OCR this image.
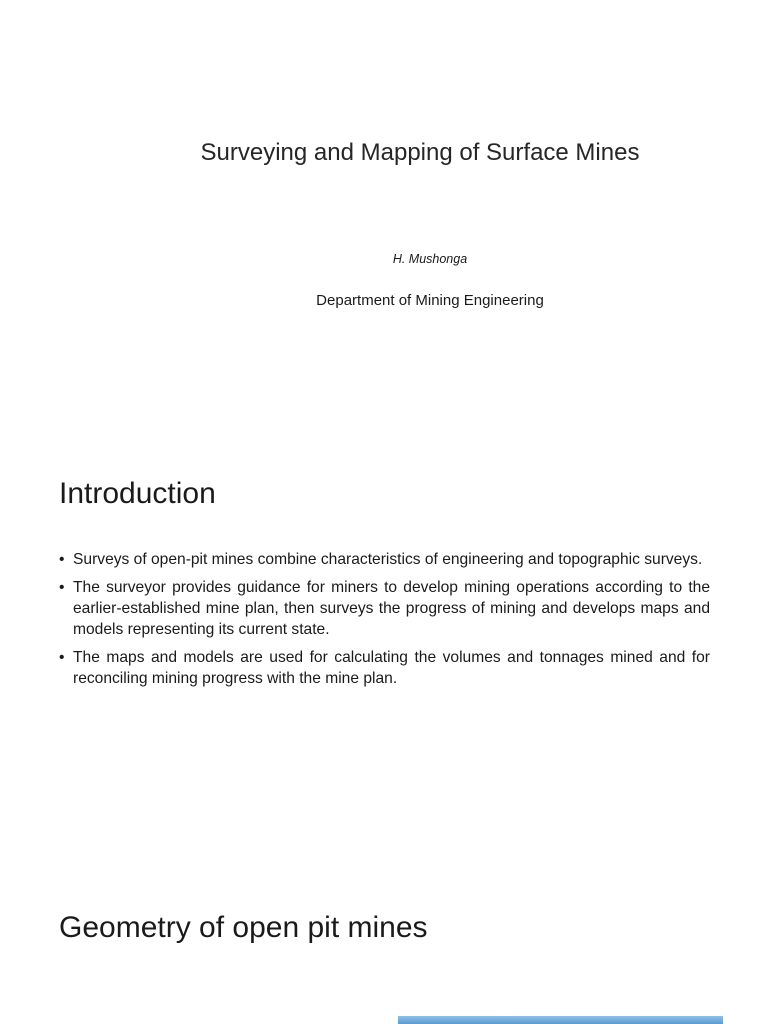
Surveying and Mapping of Surface Mines
H. Mushonga
Department of Mining Engineering
Introduction
• Surveys of open-pit mines combine characteristics of engineering and topographic surveys.
• The surveyor provides guidance for miners to develop mining operations according to the earlier-established mine plan, then surveys the progress of mining and develops maps and models representing its current state.
• The maps and models are used for calculating the volumes and tonnages mined and for reconciling mining progress with the mine plan.
Geometry of open pit mines
